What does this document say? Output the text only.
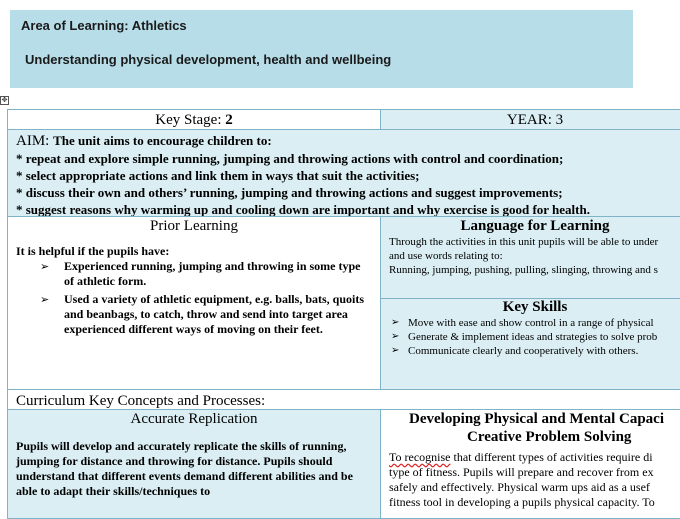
Area of Learning: Athletics
Understanding physical development, health and wellbeing
✥
Key Stage: 2	YEAR: 3
AIM: The unit aims to encourage children to:
* repeat and explore simple running, jumping and throwing actions with control and coordination;
* select appropriate actions and link them in ways that suit the activities;
* discuss their own and others’ running, jumping and throwing actions and suggest improvements;
* suggest reasons why warming up and cooling down are important and why exercise is good for health.
Prior Learning
It is helpful if the pupils have:
➢ Experienced running, jumping and throwing in some type of athletic form.
➢ Used a variety of athletic equipment, e.g. balls, bats, quoits and beanbags, to catch, throw and send into target area experienced different ways of moving on their feet.
Language for Learning
Through the activities in this unit pupils will be able to under
and use words relating to:
Running, jumping, pushing, pulling, slinging, throwing and s
Key Skills
➢ Move with ease and show control in a range of physical
➢ Generate & implement ideas and strategies to solve prob
➢ Communicate clearly and cooperatively with others.
Curriculum Key Concepts and Processes:
Accurate Replication
Pupils will develop and accurately replicate the skills of running, jumping for distance and throwing for distance. Pupils should understand that different events demand different abilities and be able to adapt their skills/techniques to
Developing Physical and Mental Capaci
Creative Problem Solving
To recognise that different types of activities require di
type of fitness. Pupils will prepare and recover from ex
safely and effectively. Physical warm ups aid as a usef
fitness tool in developing a pupils physical capacity. To
